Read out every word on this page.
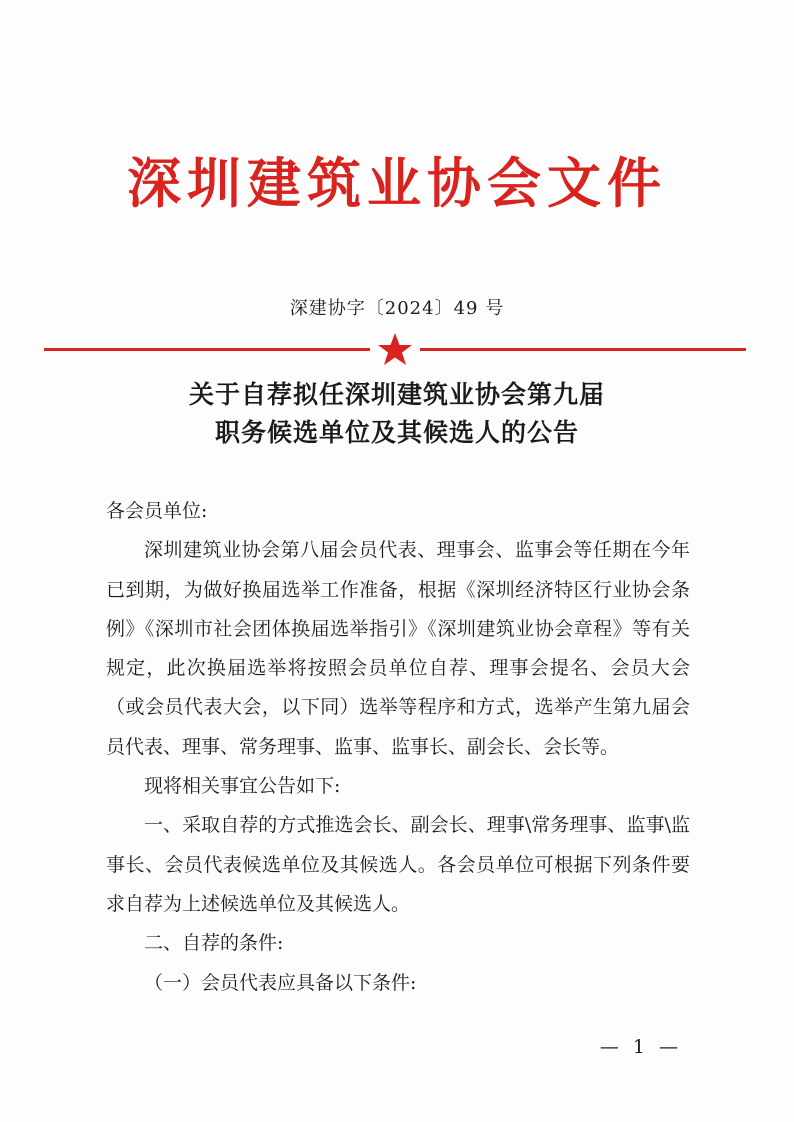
深圳建筑业协会文件
深建协字〔2024〕49 号
关于自荐拟任深圳建筑业协会第九届
职务候选单位及其候选人的公告

各会员单位:

深圳建筑业协会第八届会员代表、理事会、监事会等任期在今年已到期，为做好换届选举工作准备，根据《深圳经济特区行业协会条例》《深圳市社会团体换届选举指引》《深圳建筑业协会章程》等有关规定，此次换届选举将按照会员单位自荐、理事会提名、会员大会（或会员代表大会，以下同）选举等程序和方式，选举产生第九届会员代表、理事、常务理事、监事、监事长、副会长、会长等。

现将相关事宜公告如下:

一、采取自荐的方式推选会长、副会长、理事\常务理事、监事\监事长、会员代表候选单位及其候选人。各会员单位可根据下列条件要求自荐为上述候选单位及其候选人。

二、自荐的条件:

（一）会员代表应具备以下条件:

— 1 —
